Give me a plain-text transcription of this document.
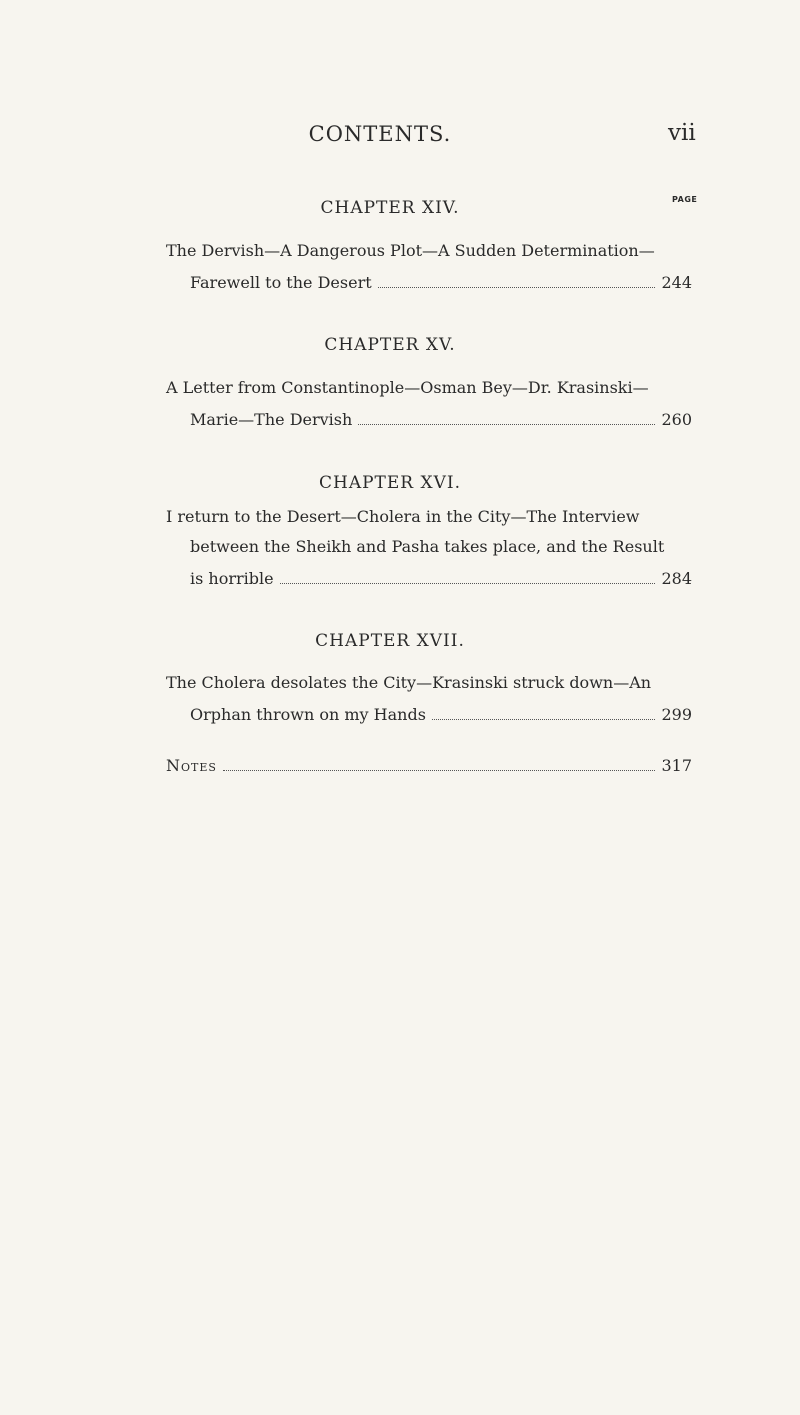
CONTENTS.	vii
PAGE
CHAPTER XIV.
The Dervish—A Dangerous Plot—A Sudden Determination—
Farewell to the Desert	244
CHAPTER XV.
A Letter from Constantinople—Osman Bey—Dr. Krasinski—
Marie—The Dervish	260
CHAPTER XVI.
I return to the Desert—Cholera in the City—The Interview
between the Sheikh and Pasha takes place, and the Result
is horrible	284
CHAPTER XVII.
The Cholera desolates the City—Krasinski struck down—An
Orphan thrown on my Hands	299
Notes	317
